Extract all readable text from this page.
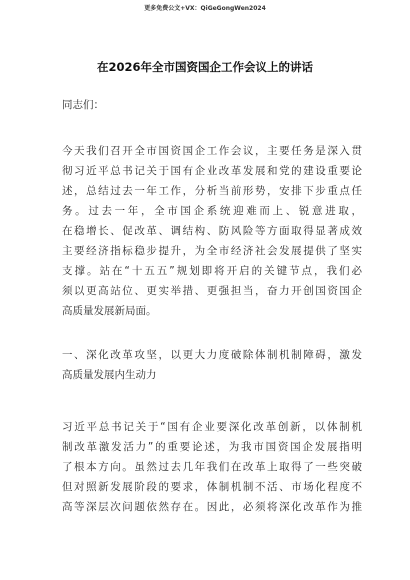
更多免费公文+VX：QiGeGongWen2024
在2026年全市国资国企工作会议上的讲话
同志们：
今天我们召开全市国资国企工作会议，主要任务是深入贯
彻习近平总书记关于国有企业改革发展和党的建设重要论
述，总结过去一年工作，分析当前形势，安排下步重点任
务。过去一年，全市国企系统迎难而上、锐意进取，
在稳增长、促改革、调结构、防风险等方面取得显著成效
主要经济指标稳步提升，为全市经济社会发展提供了坚实
支撑。站在“十五五”规划即将开启的关键节点，我们必
须以更高站位、更实举措、更强担当，奋力开创国资国企
高质量发展新局面。
一、深化改革攻坚，以更大力度破除体制机制障碍，激发
高质量发展内生动力
习近平总书记关于“国有企业要深化改革创新，以体制机
制改革激发活力”的重要论述，为我市国资国企发展指明
了根本方向。虽然过去几年我们在改革上取得了一些突破
但对照新发展阶段的要求，体制机制不活、市场化程度不
高等深层次问题依然存在。因此，必须将深化改革作为推
